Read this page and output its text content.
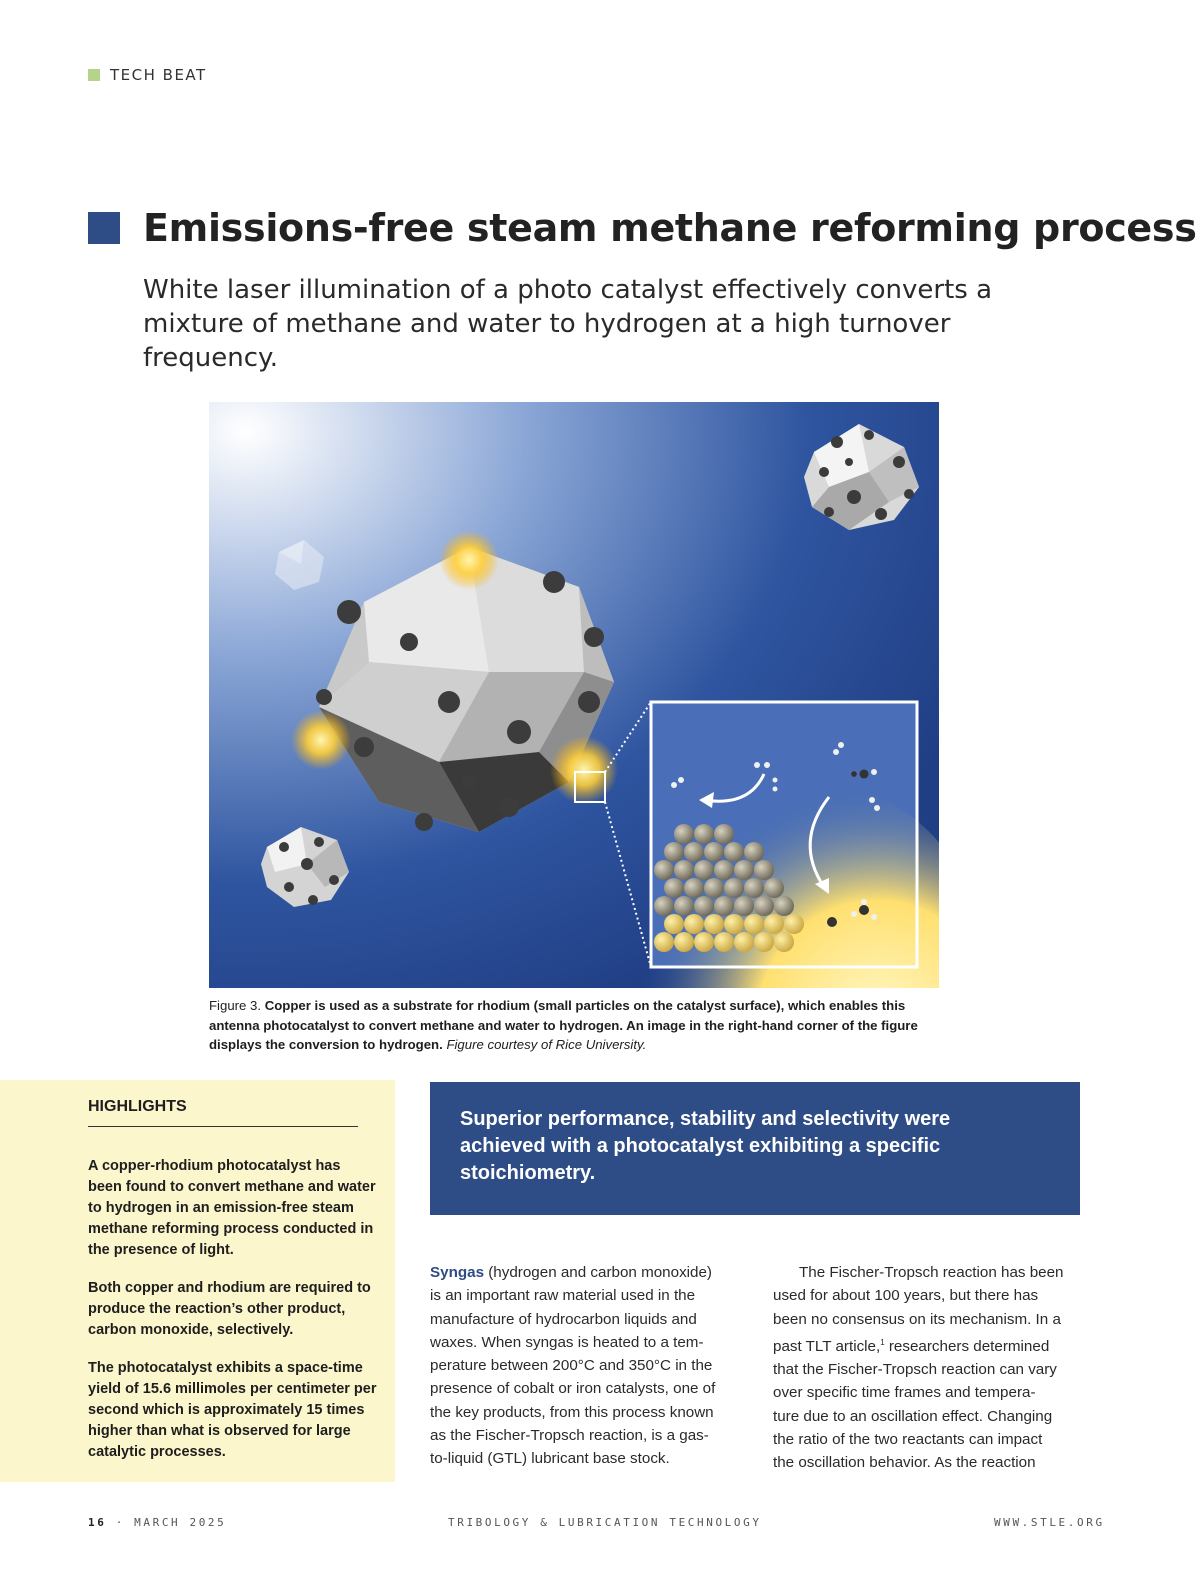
TECH BEAT
Emissions-free steam methane reforming process
White laser illumination of a photo catalyst effectively converts a mixture of methane and water to hydrogen at a high turnover frequency.
Figure 3. Copper is used as a substrate for rhodium (small particles on the catalyst surface), which enables this antenna photocatalyst to convert methane and water to hydrogen. An image in the right-hand corner of the figure displays the conversion to hydrogen. Figure courtesy of Rice University.
HIGHLIGHTS
A copper-rhodium photocatalyst has been found to convert methane and water to hydrogen in an emission-free steam methane reforming process conducted in the presence of light.
Both copper and rhodium are required to produce the reaction’s other product, carbon monoxide, selectively.
The photocatalyst exhibits a space-time yield of 15.6 millimoles per centimeter per second which is approximately 15 times higher than what is observed for large catalytic processes.
Superior performance, stability and selectivity were achieved with a photocatalyst exhibiting a specific stoichiometry.
Syngas (hydrogen and carbon monoxide)
is an important raw material used in the
manufacture of hydrocarbon liquids and
waxes. When syngas is heated to a tem-
perature between 200°C and 350°C in the
presence of cobalt or iron catalysts, one of
the key products, from this process known
as the Fischer-Tropsch reaction, is a gas-
to-liquid (GTL) lubricant base stock.
The Fischer-Tropsch reaction has been
used for about 100 years, but there has
been no consensus on its mechanism. In a
past TLT article,$^1$ researchers determined
that the Fischer-Tropsch reaction can vary
over specific time frames and tempera-
ture due to an oscillation effect. Changing
the ratio of the two reactants can impact
the oscillation behavior. As the reaction
16 · MARCH 2025	TRIBOLOGY & LUBRICATION TECHNOLOGY	WWW.STLE.ORG
